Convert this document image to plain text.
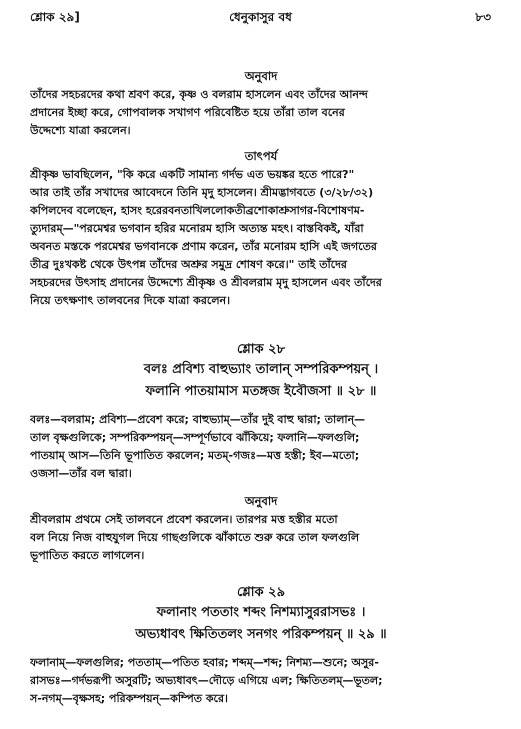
শ্লোক ২৯]	ধেনুকাসুর বধ	৮৩
অনুবাদ
তাঁদের সহচরদের কথা শ্রবণ করে, কৃষ্ণ ও বলরাম হাসলেন এবং তাঁদের আনন্দ
প্রদানের ইচ্ছা করে, গোপবালক সখাগণ পরিবেষ্টিত হয়ে তাঁরা তাল বনের
উদ্দেশ্যে যাত্রা করলেন।
তাৎপর্য
শ্রীকৃষ্ণ ভাবছিলেন, "কি করে একটি সামান্য গর্দভ এত ভয়ঙ্কর হতে পারে?"
আর তাই তাঁর সখাদের আবেদনে তিনি মৃদু হাসলেন। শ্রীমদ্ভাগবতে (৩/২৮/৩২)
কপিলদেব বলেছেন, হাসং হরেরবনতাখিললোকতীব্রশোকাশ্রুসাগর-বিশোষণম-
ত্যুদারম্—"পরমেশ্বর ভগবান হরির মনোরম হাসি অত্যন্ত মহৎ। বাস্তবিকই, যাঁরা
অবনত মস্তকে পরমেশ্বর ভগবানকে প্রণাম করেন, তাঁর মনোরম হাসি এই জগতের
তীব্র দুঃখকষ্ট থেকে উৎপন্ন তাঁদের অশ্রুর সমুদ্র শোষণ করে।" তাই তাঁদের
সহচরদের উৎসাহ প্রদানের উদ্দেশ্যে শ্রীকৃষ্ণ ও শ্রীবলরাম মৃদু হাসলেন এবং তাঁদের
নিয়ে তৎক্ষণাৎ তালবনের দিকে যাত্রা করলেন।
শ্লোক ২৮
বলঃ প্রবিশ্য বাহুভ্যাং তালান্ সম্পরিকম্পয়ন্ ।
ফলানি পাতয়ামাস মতঙ্গজ ইবৌজসা ॥ ২৮ ॥
বলঃ—বলরাম; প্রবিশ্য—প্রবেশ করে; বাহুভ্যাম্—তাঁর দুই বাহু দ্বারা; তালান্—
তাল বৃক্ষগুলিকে; সম্পরিকম্পয়ন্—সম্পূর্ণভাবে ঝাঁকিয়ে; ফলানি—ফলগুলি;
পাতয়াম্ আস—তিনি ভূপাতিত করলেন; মতম্-গজঃ—মত্ত হস্তী; ইব—মতো;
ওজসা—তাঁর বল দ্বারা।
অনুবাদ
শ্রীবলরাম প্রথমে সেই তালবনে প্রবেশ করলেন। তারপর মত্ত হস্তীর মতো
বল নিয়ে নিজ বাহুযুগল দিয়ে গাছগুলিকে ঝাঁকাতে শুরু করে তাল ফলগুলি
ভূপাতিত করতে লাগলেন।
শ্লোক ২৯
ফলানাং পততাং শব্দং নিশম্যাসুররাসভঃ ।
অভ্যধাবৎ ক্ষিতিতলং সনগং পরিকম্পয়ন্ ॥ ২৯ ॥
ফলানাম্—ফলগুলির; পততাম্—পতিত হবার; শব্দম্—শব্দ; নিশম্য—শুনে; অসুর-
রাসভঃ—গর্দভরূপী অসুরটি; অভ্যধাবৎ—দৌড়ে এগিয়ে এল; ক্ষিতিতলম্—ভূতল;
স-নগম্—বৃক্ষসহ; পরিকম্পয়ন্—কম্পিত করে।
